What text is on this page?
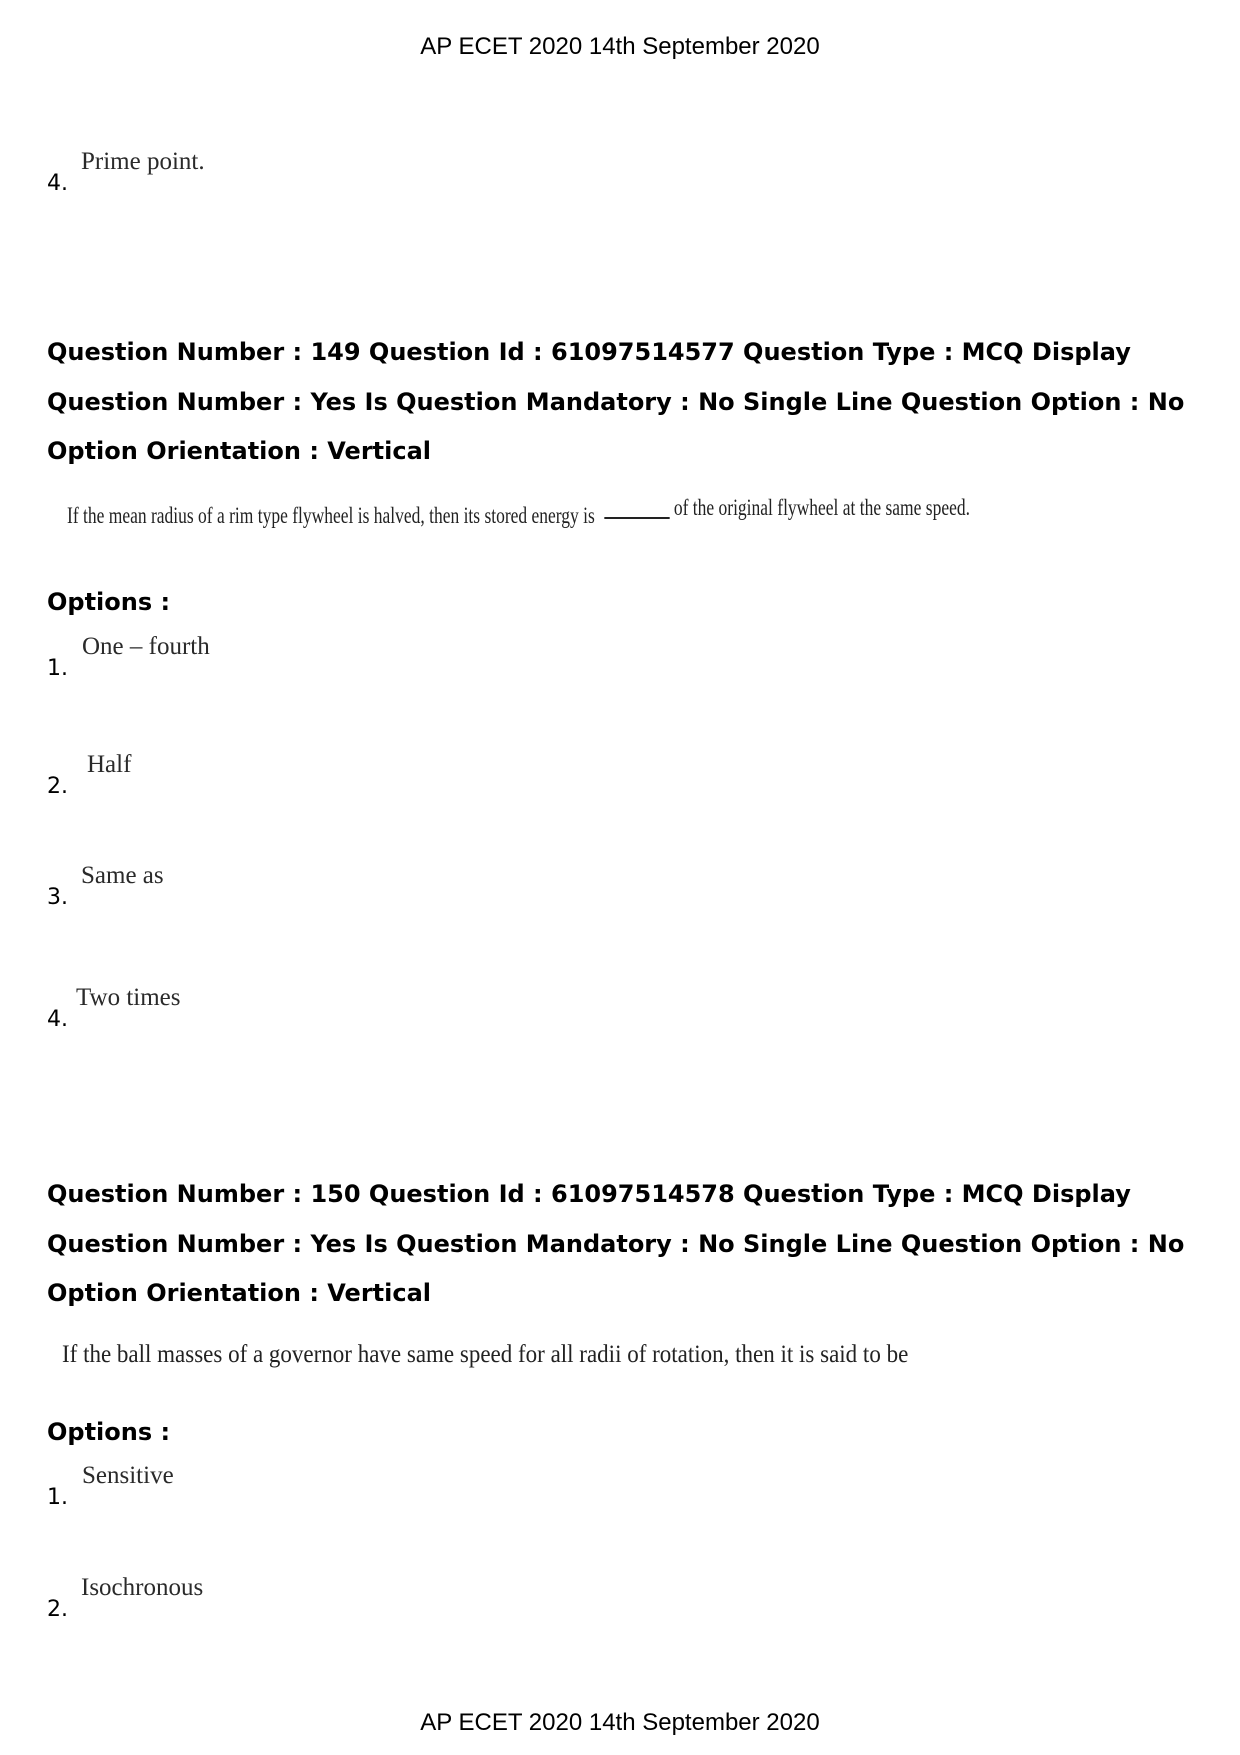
AP ECET 2020 14th September 2020
4.
Prime point.

Question Number : 149 Question Id : 61097514577 Question Type : MCQ Display Question Number : Yes Is Question Mandatory : No Single Line Question Option : No Option Orientation : Vertical

If the mean radius of a rim type flywheel is halved, then its stored energy is	of the original flywheel at the same speed.
Options :
1.
One – fourth
2.
Half
3.
Same as
4.
Two times

Question Number : 150 Question Id : 61097514578 Question Type : MCQ Display Question Number : Yes Is Question Mandatory : No Single Line Question Option : No Option Orientation : Vertical

If the ball masses of a governor have same speed for all radii of rotation, then it is said to be
Options :
1.
Sensitive
2.
Isochronous
AP ECET 2020 14th September 2020
